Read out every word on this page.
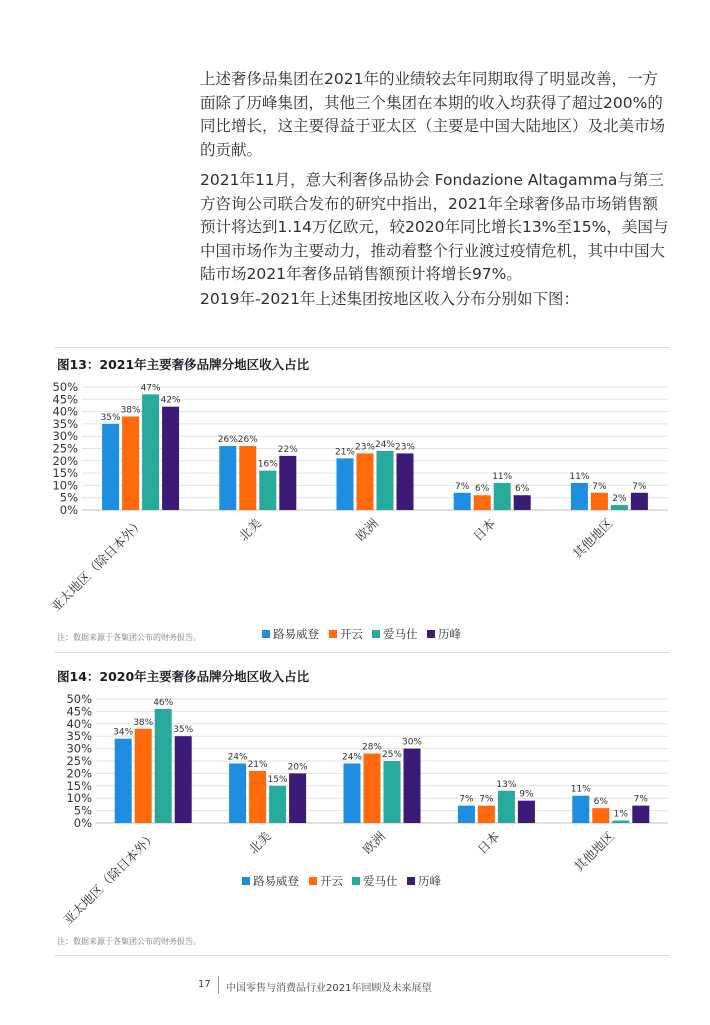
上述奢侈品集团在2021年的业绩较去年同期取得了明显改善，一方面除了历峰集团，其他三个集团在本期的收入均获得了超过200%的同比增长，这主要得益于亚太区（主要是中国大陆地区）及北美市场的贡献。

2021年11月，意大利奢侈品协会 Fondazione Altagamma与第三方咨询公司联合发布的研究中指出，2021年全球奢侈品市场销售额预计将达到1.14万亿欧元，较2020年同比增长13%至15%，美国与中国市场作为主要动力，推动着整个行业渡过疫情危机，其中中国大陆市场2021年奢侈品销售额预计将增长97%。

2019年-2021年上述集团按地区收入分布分别如下图：

图13：2021年主要奢侈品牌分地区收入占比
0%
5%
10%
15%
20%
25%
30%
35%
40%
45%
50%
35%
38%
47%
42%
亚太地区（除日本外）
26% 26%
16%
22%
北美
21% 23% 24% 23%
欧洲
7% 6%
11%
6%
日本
11%
7%
2%
7%
其他地区
路易威登 开云 爱马仕 历峰
注：数据来源于各集团公布的财务报告。
图14：2020年主要奢侈品牌分地区收入占比
0%
5%
10%
15%
20%
25%
30%
35%
40%
45%
50%
34%
38%
46%
35%
亚太地区（除日本外）
24%
21%
15%
20%
北美
24%
28%
25%
30%
欧洲
7% 7%
13%
9%
日本
11%
6%
1%
7%
其他地区
路易威登 开云 爱马仕 历峰
注：数据来源于各集团公布的财务报告。
17 中国零售与消费品行业2021年回顾及未来展望
